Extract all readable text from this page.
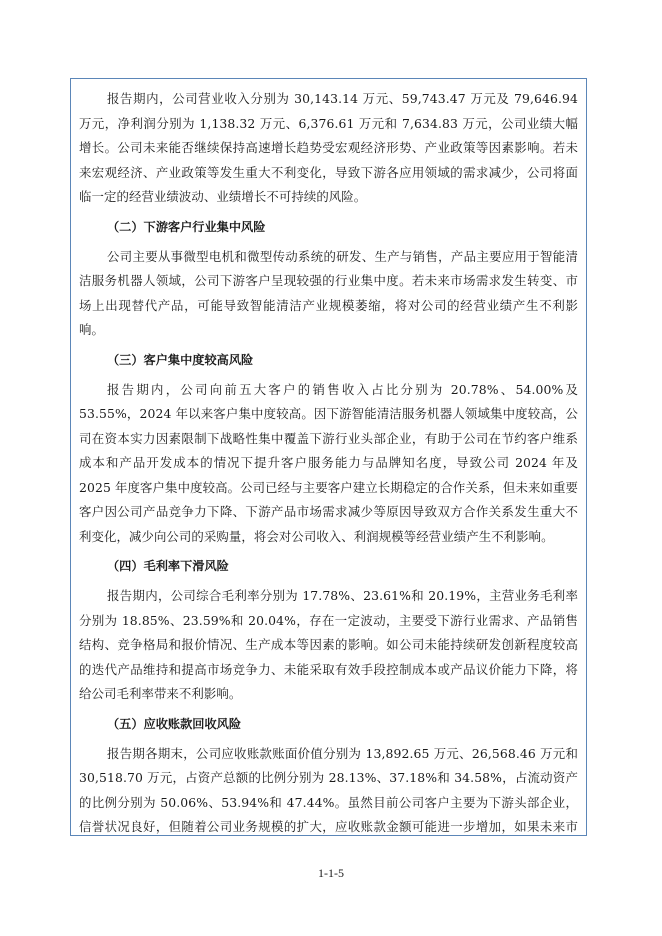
报告期内，公司营业收入分别为 30,143.14 万元、59,743.47 万元及 79,646.94 万元，净利润分别为 1,138.32 万元、6,376.61 万元和 7,634.83 万元，公司业绩大幅增长。公司未来能否继续保持高速增长趋势受宏观经济形势、产业政策等因素影响。若未来宏观经济、产业政策等发生重大不利变化，导致下游各应用领域的需求减少，公司将面临一定的经营业绩波动、业绩增长不可持续的风险。

（二）下游客户行业集中风险

公司主要从事微型电机和微型传动系统的研发、生产与销售，产品主要应用于智能清洁服务机器人领域，公司下游客户呈现较强的行业集中度。若未来市场需求发生转变、市场上出现替代产品，可能导致智能清洁产业规模萎缩，将对公司的经营业绩产生不利影响。

（三）客户集中度较高风险

报告期内，公司向前五大客户的销售收入占比分别为 20.78%、54.00%及 53.55%，2024 年以来客户集中度较高。因下游智能清洁服务机器人领域集中度较高，公司在资本实力因素限制下战略性集中覆盖下游行业头部企业，有助于公司在节约客户维系成本和产品开发成本的情况下提升客户服务能力与品牌知名度，导致公司 2024 年及 2025 年度客户集中度较高。公司已经与主要客户建立长期稳定的合作关系，但未来如重要客户因公司产品竞争力下降、下游产品市场需求减少等原因导致双方合作关系发生重大不利变化，减少向公司的采购量，将会对公司收入、利润规模等经营业绩产生不利影响。

（四）毛利率下滑风险

报告期内，公司综合毛利率分别为 17.78%、23.61%和 20.19%，主营业务毛利率分别为 18.85%、23.59%和 20.04%，存在一定波动，主要受下游行业需求、产品销售结构、竞争格局和报价情况、生产成本等因素的影响。如公司未能持续研发创新程度较高的迭代产品维持和提高市场竞争力、未能采取有效手段控制成本或产品议价能力下降，将给公司毛利率带来不利影响。

（五）应收账款回收风险

报告期各期末，公司应收账款账面价值分别为 13,892.65 万元、26,568.46 万元和 30,518.70 万元，占资产总额的比例分别为 28.13%、37.18%和 34.58%，占流动资产的比例分别为 50.06%、53.94%和 47.44%。虽然目前公司客户主要为下游头部企业，信誉状况良好，但随着公司业务规模的扩大，应收账款金额可能进一步增加，如果未来市

1-1-5
